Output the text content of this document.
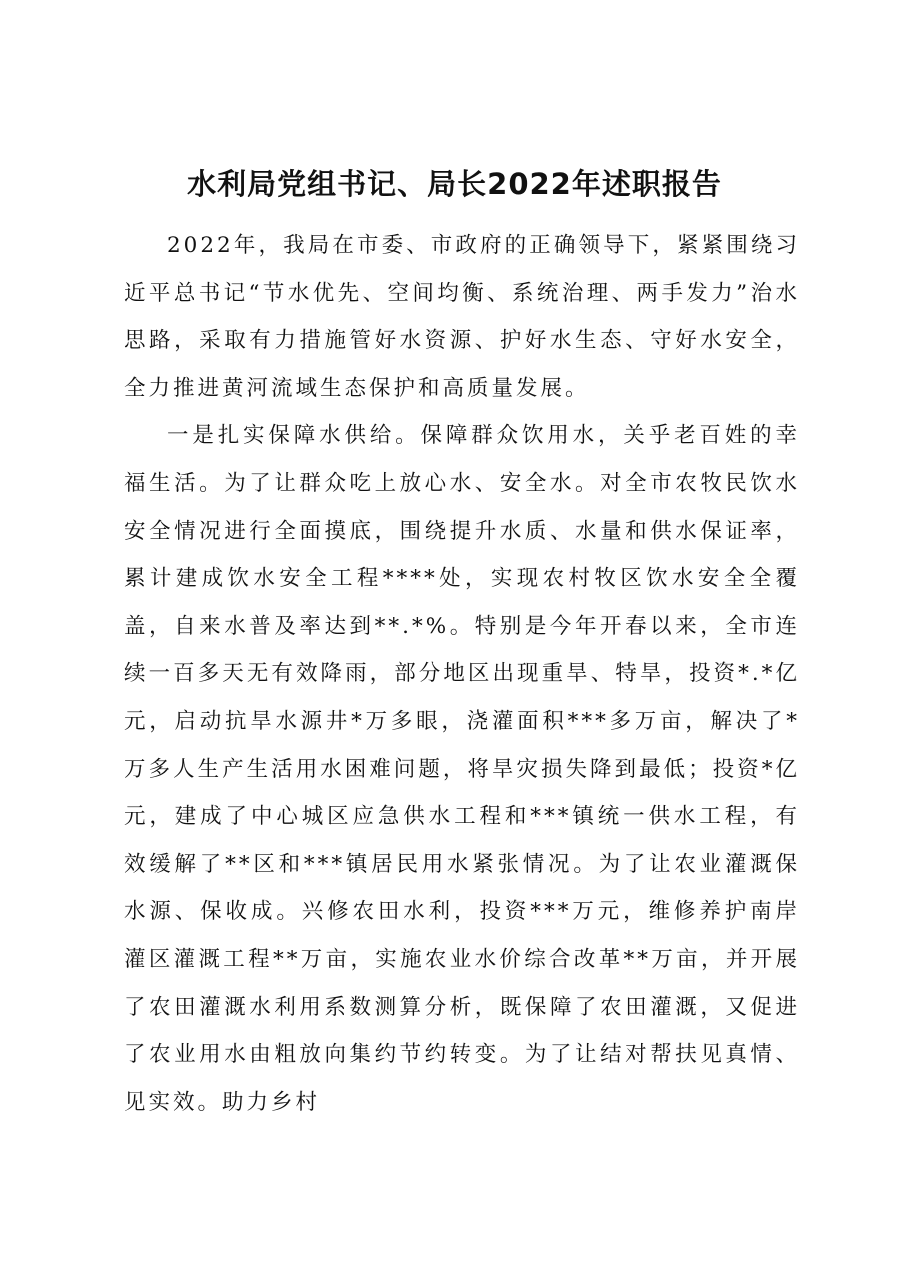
水利局党组书记、局长2022年述职报告

2022年，我局在市委、市政府的正确领导下，紧紧围绕习近平总书记“节水优先、空间均衡、系统治理、两手发力”治水思路，采取有力措施管好水资源、护好水生态、守好水安全，全力推进黄河流域生态保护和高质量发展。

一是扎实保障水供给。保障群众饮用水，关乎老百姓的幸福生活。为了让群众吃上放心水、安全水。对全市农牧民饮水安全情况进行全面摸底，围绕提升水质、水量和供水保证率，累计建成饮水安全工程****处，实现农村牧区饮水安全全覆盖，自来水普及率达到**.*%。特别是今年开春以来，全市连续一百多天无有效降雨，部分地区出现重旱、特旱，投资*.*亿元，启动抗旱水源井*万多眼，浇灌面积***多万亩，解决了*万多人生产生活用水困难问题，将旱灾损失降到最低；投资*亿元，建成了中心城区应急供水工程和***镇统一供水工程，有效缓解了**区和***镇居民用水紧张情况。为了让农业灌溉保水源、保收成。兴修农田水利，投资***万元，维修养护南岸灌区灌溉工程**万亩，实施农业水价综合改革**万亩，并开展了农田灌溉水利用系数测算分析，既保障了农田灌溉，又促进了农业用水由粗放向集约节约转变。为了让结对帮扶见真情、见实效。助力乡村
